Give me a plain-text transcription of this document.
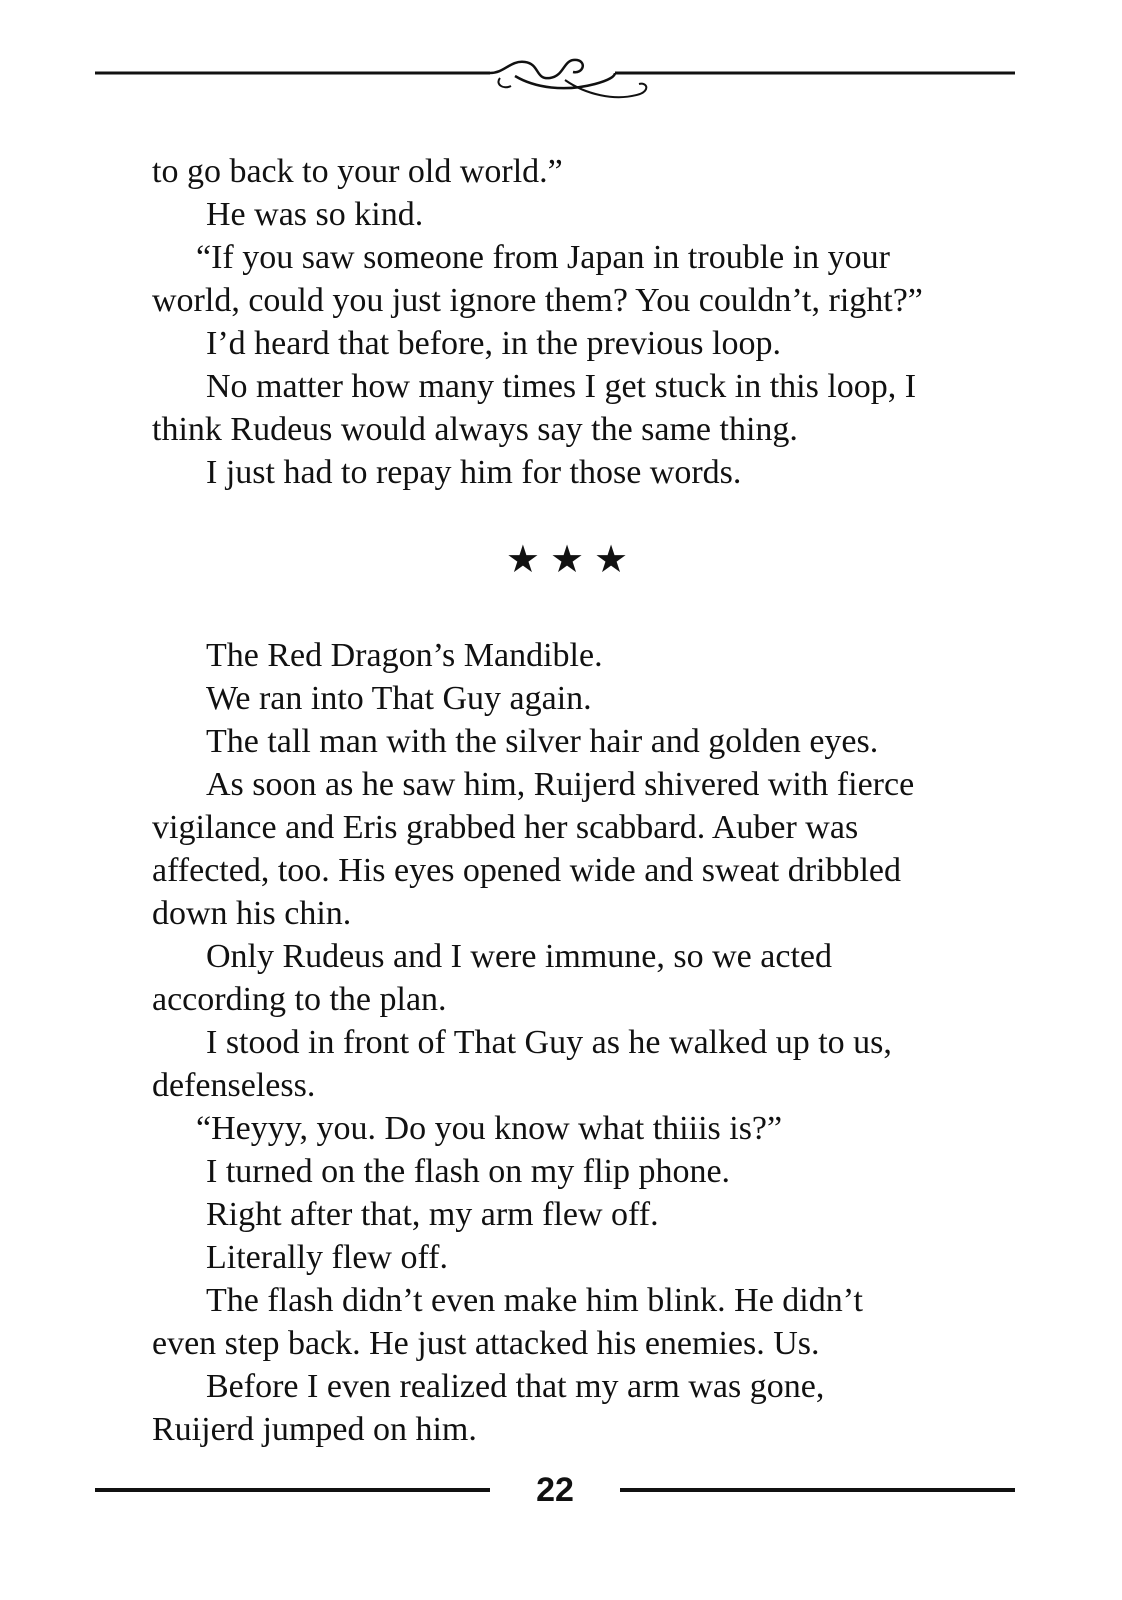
to go back to your old world.”
He was so kind.
“If you saw someone from Japan in trouble in your
world, could you just ignore them? You couldn’t, right?”
I’d heard that before, in the previous loop.
No matter how many times I get stuck in this loop, I
think Rudeus would always say the same thing.
I just had to repay him for those words.
★★★
The Red Dragon’s Mandible.
We ran into That Guy again.
The tall man with the silver hair and golden eyes.
As soon as he saw him, Ruijerd shivered with fierce
vigilance and Eris grabbed her scabbard. Auber was
affected, too. His eyes opened wide and sweat dribbled
down his chin.
Only Rudeus and I were immune, so we acted
according to the plan.
I stood in front of That Guy as he walked up to us,
defenseless.
“Heyyy, you. Do you know what thiiis is?”
I turned on the flash on my flip phone.
Right after that, my arm flew off.
Literally flew off.
The flash didn’t even make him blink. He didn’t
even step back. He just attacked his enemies. Us.
Before I even realized that my arm was gone,
Ruijerd jumped on him.
22
